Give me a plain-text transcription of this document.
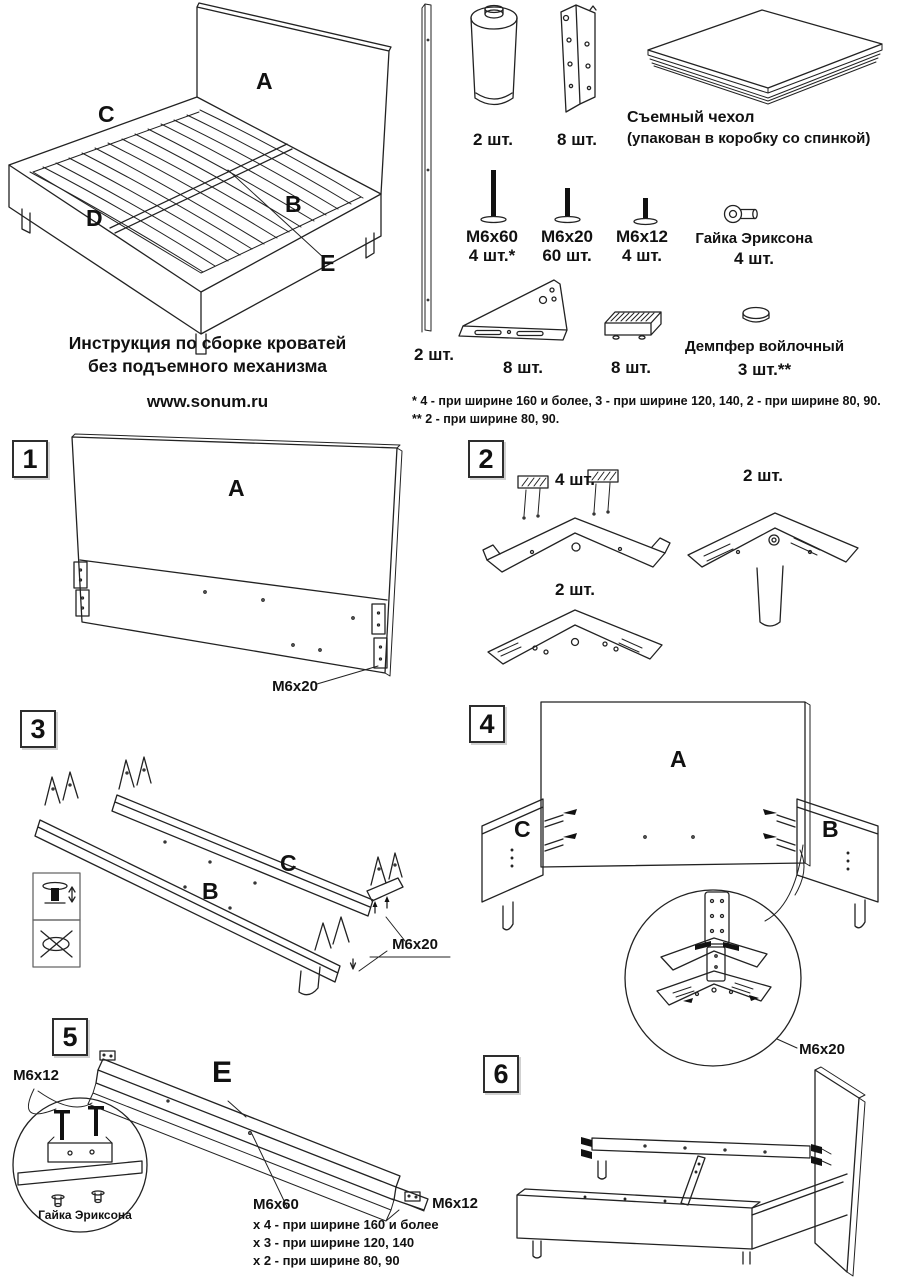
A
C
B
D
E
Инструкция по сборке кроватей
без подъемного механизма
www.sonum.ru
2 шт.
2 шт.	8 шт.
Съемный чехол
(упакован в коробку со спинкой)
M6x60
4 шт.*
M6x20
60 шт.
M6x12
4 шт.
Гайка Эриксона
4 шт.
8 шт.	8 шт.
Демпфер войлочный
3 шт.**
* 4 - при ширине 160 и более, 3 - при ширине 120, 140, 2 - при ширине 80, 90.
** 2 - при ширине 80, 90.
1
A
M6x20
2
4 шт.
2 шт.
2 шт.
3
B
C
M6x20
4
A
C	B
M6x20
5
E
M6x12
Гайка Эриксона
M6x60
x 4 - при ширине 160 и более
x 3 - при ширине 120, 140
x 2 - при ширине 80, 90
M6x12
6
